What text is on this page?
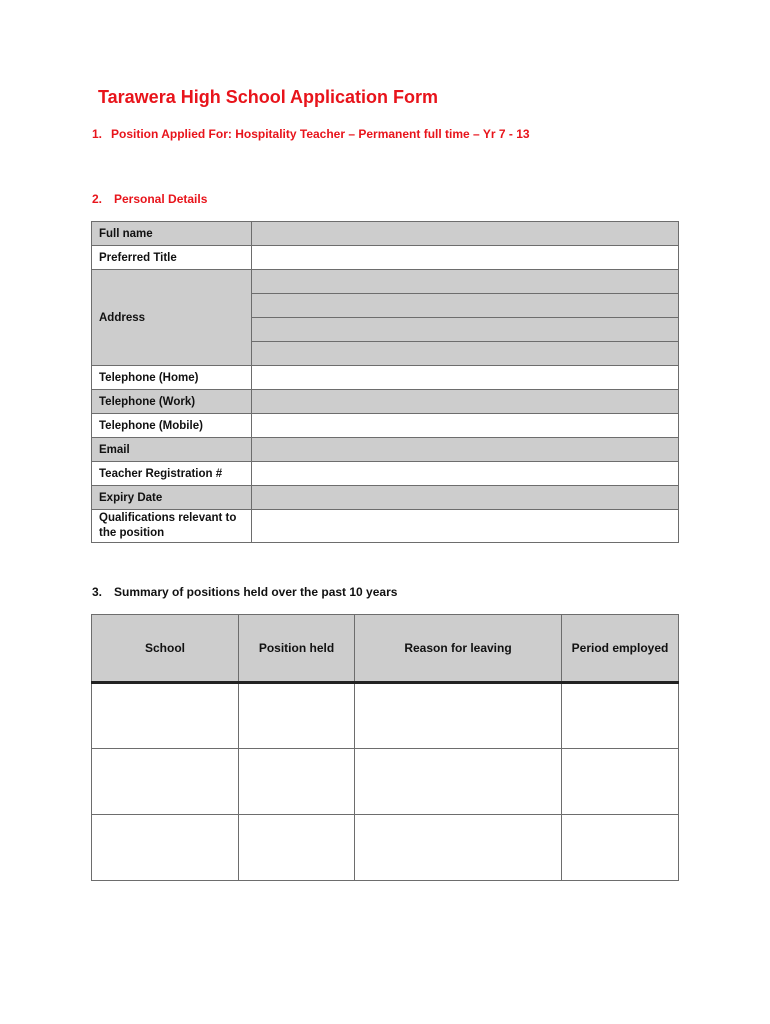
Tarawera High School Application Form
1. Position Applied For: Hospitality Teacher – Permanent full time – Yr 7 - 13
2. Personal Details
Full name	
Preferred Title	
Address	

Telephone (Home)	
Telephone (Work)	
Telephone (Mobile)	
Email	
Teacher Registration #	
Expiry Date	
Qualifications relevant to the position	
3. Summary of positions held over the past 10 years
School	Position held	Reason for leaving	Period employed
